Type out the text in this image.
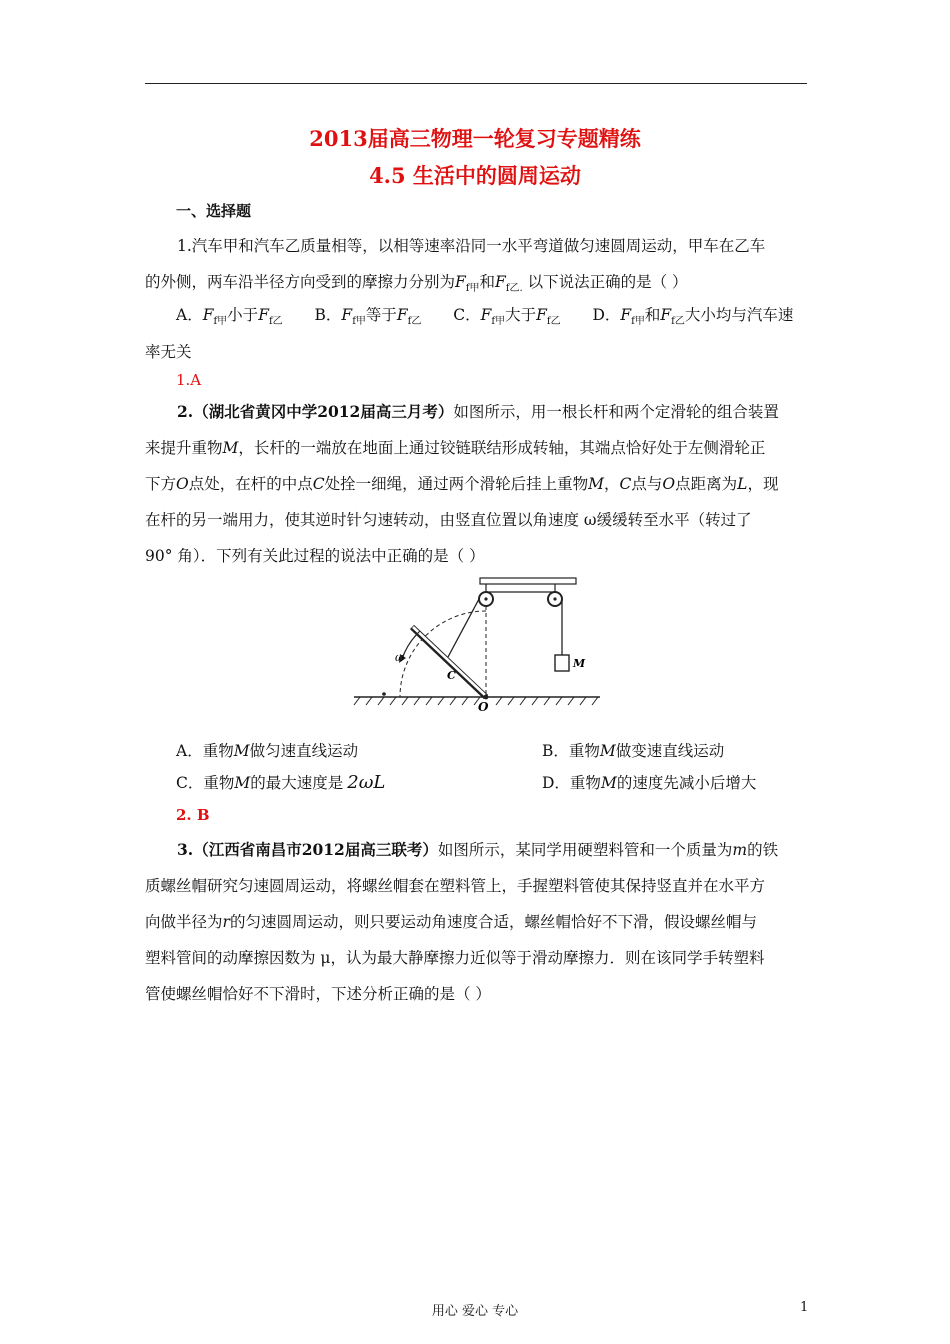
2013届高三物理一轮复习专题精练
4.5 生活中的圆周运动
一、选择题
1.汽车甲和汽车乙质量相等，以相等速率沿同一水平弯道做匀速圆周运动，甲车在乙车
的外侧，两车沿半径方向受到的摩擦力分别为$F_{f甲}$和$F_{f乙.}$ 以下说法正确的是（ ）
A．$F_{f甲}$小于$F_{f乙}$ B．$F_{f甲}$等于$F_{f乙}$ C．$F_{f甲}$大于$F_{f乙}$ D．$F_{f甲}$和$F_{f乙}$大小均与汽车速
率无关
1.A
2.（湖北省黄冈中学2012届高三月考）如图所示，用一根长杆和两个定滑轮的组合装置
来提升重物M，长杆的一端放在地面上通过铰链联结形成转轴，其端点恰好处于左侧滑轮正
下方O点处，在杆的中点C处拴一细绳，通过两个滑轮后挂上重物M，C点与O点距离为L，现
在杆的另一端用力，使其逆时针匀速转动，由竖直位置以角速度 ω缓缓转至水平（转过了
90° 角）．下列有关此过程的说法中正确的是（ ）
ω
C
O
M
A．重物M做匀速直线运动	B．重物M做变速直线运动
C．重物M的最大速度是 2ωL	D．重物M的速度先减小后增大
2. B
3.（江西省南昌市2012届高三联考）如图所示，某同学用硬塑料管和一个质量为m的铁
质螺丝帽研究匀速圆周运动，将螺丝帽套在塑料管上，手握塑料管使其保持竖直并在水平方
向做半径为r的匀速圆周运动，则只要运动角速度合适，螺丝帽恰好不下滑，假设螺丝帽与
塑料管间的动摩擦因数为 μ，认为最大静摩擦力近似等于滑动摩擦力．则在该同学手转塑料
管使螺丝帽恰好不下滑时，下述分析正确的是（ ）
用心 爱心 专心	1
